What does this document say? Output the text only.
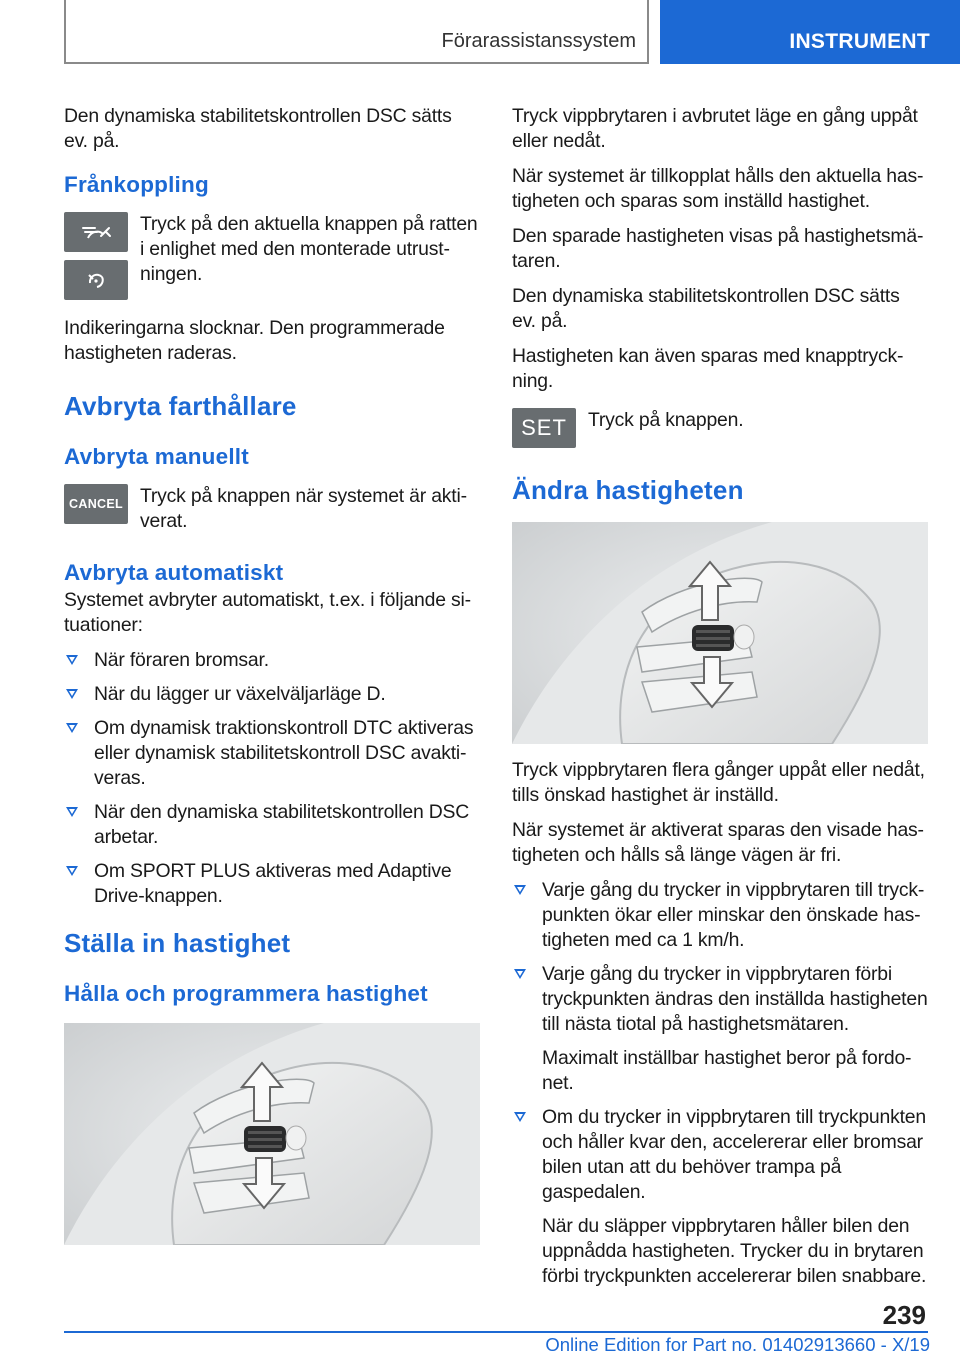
Förarassistanssystem	INSTRUMENT

Den dynamiska stabilitetskontrollen DSC sätts ev. på.

Frånkoppling

Tryck på den aktuella knappen på ratten i enlighet med den monterade utrustningen.

Indikeringarna slocknar. Den programmerade hastigheten raderas.

Avbryta farthållare
Avbryta manuellt
CANCEL Tryck på knappen när systemet är aktiverat.

Avbryta automatiskt

Systemet avbryter automatiskt, t.ex. i följande situationer:

När föraren bromsar.
När du lägger ur växelväljarläge D.
Om dynamisk traktionskontroll DTC aktiveras eller dynamisk stabilitetskontroll DSC avaktiveras.
När den dynamiska stabilitetskontrollen DSC arbetar.
Om SPORT PLUS aktiveras med Adaptive Drive-knappen.
Ställa in hastighet
Hålla och programmera hastighet

Tryck vippbrytaren i avbrutet läge en gång uppåt eller nedåt.

När systemet är tillkopplat hålls den aktuella hastigheten och sparas som inställd hastighet.

Den sparade hastigheten visas på hastighetsmätaren.

Den dynamiska stabilitetskontrollen DSC sätts ev. på.

Hastigheten kan även sparas med knapptryckning.

SET Tryck på knappen.

Ändra hastigheten

Tryck vippbrytaren flera gånger uppåt eller nedåt, tills önskad hastighet är inställd.

När systemet är aktiverat sparas den visade hastigheten och hålls så länge vägen är fri.

Varje gång du trycker in vippbrytaren till tryckpunkten ökar eller minskar den önskade hastigheten med ca 1 km/h.
Varje gång du trycker in vippbrytaren förbi tryckpunkten ändras den inställda hastigheten till nästa tiotal på hastighetsmätaren.
Maximalt inställbar hastighet beror på fordonet.
Om du trycker in vippbrytaren till tryckpunkten och håller kvar den, accelererar eller bromsar bilen utan att du behöver trampa på gaspedalen.
När du släpper vippbrytaren håller bilen den uppnådda hastigheten. Trycker du in brytaren förbi tryckpunkten accelererar bilen snabbare.
239
Online Edition for Part no. 01402913660 - X/19
